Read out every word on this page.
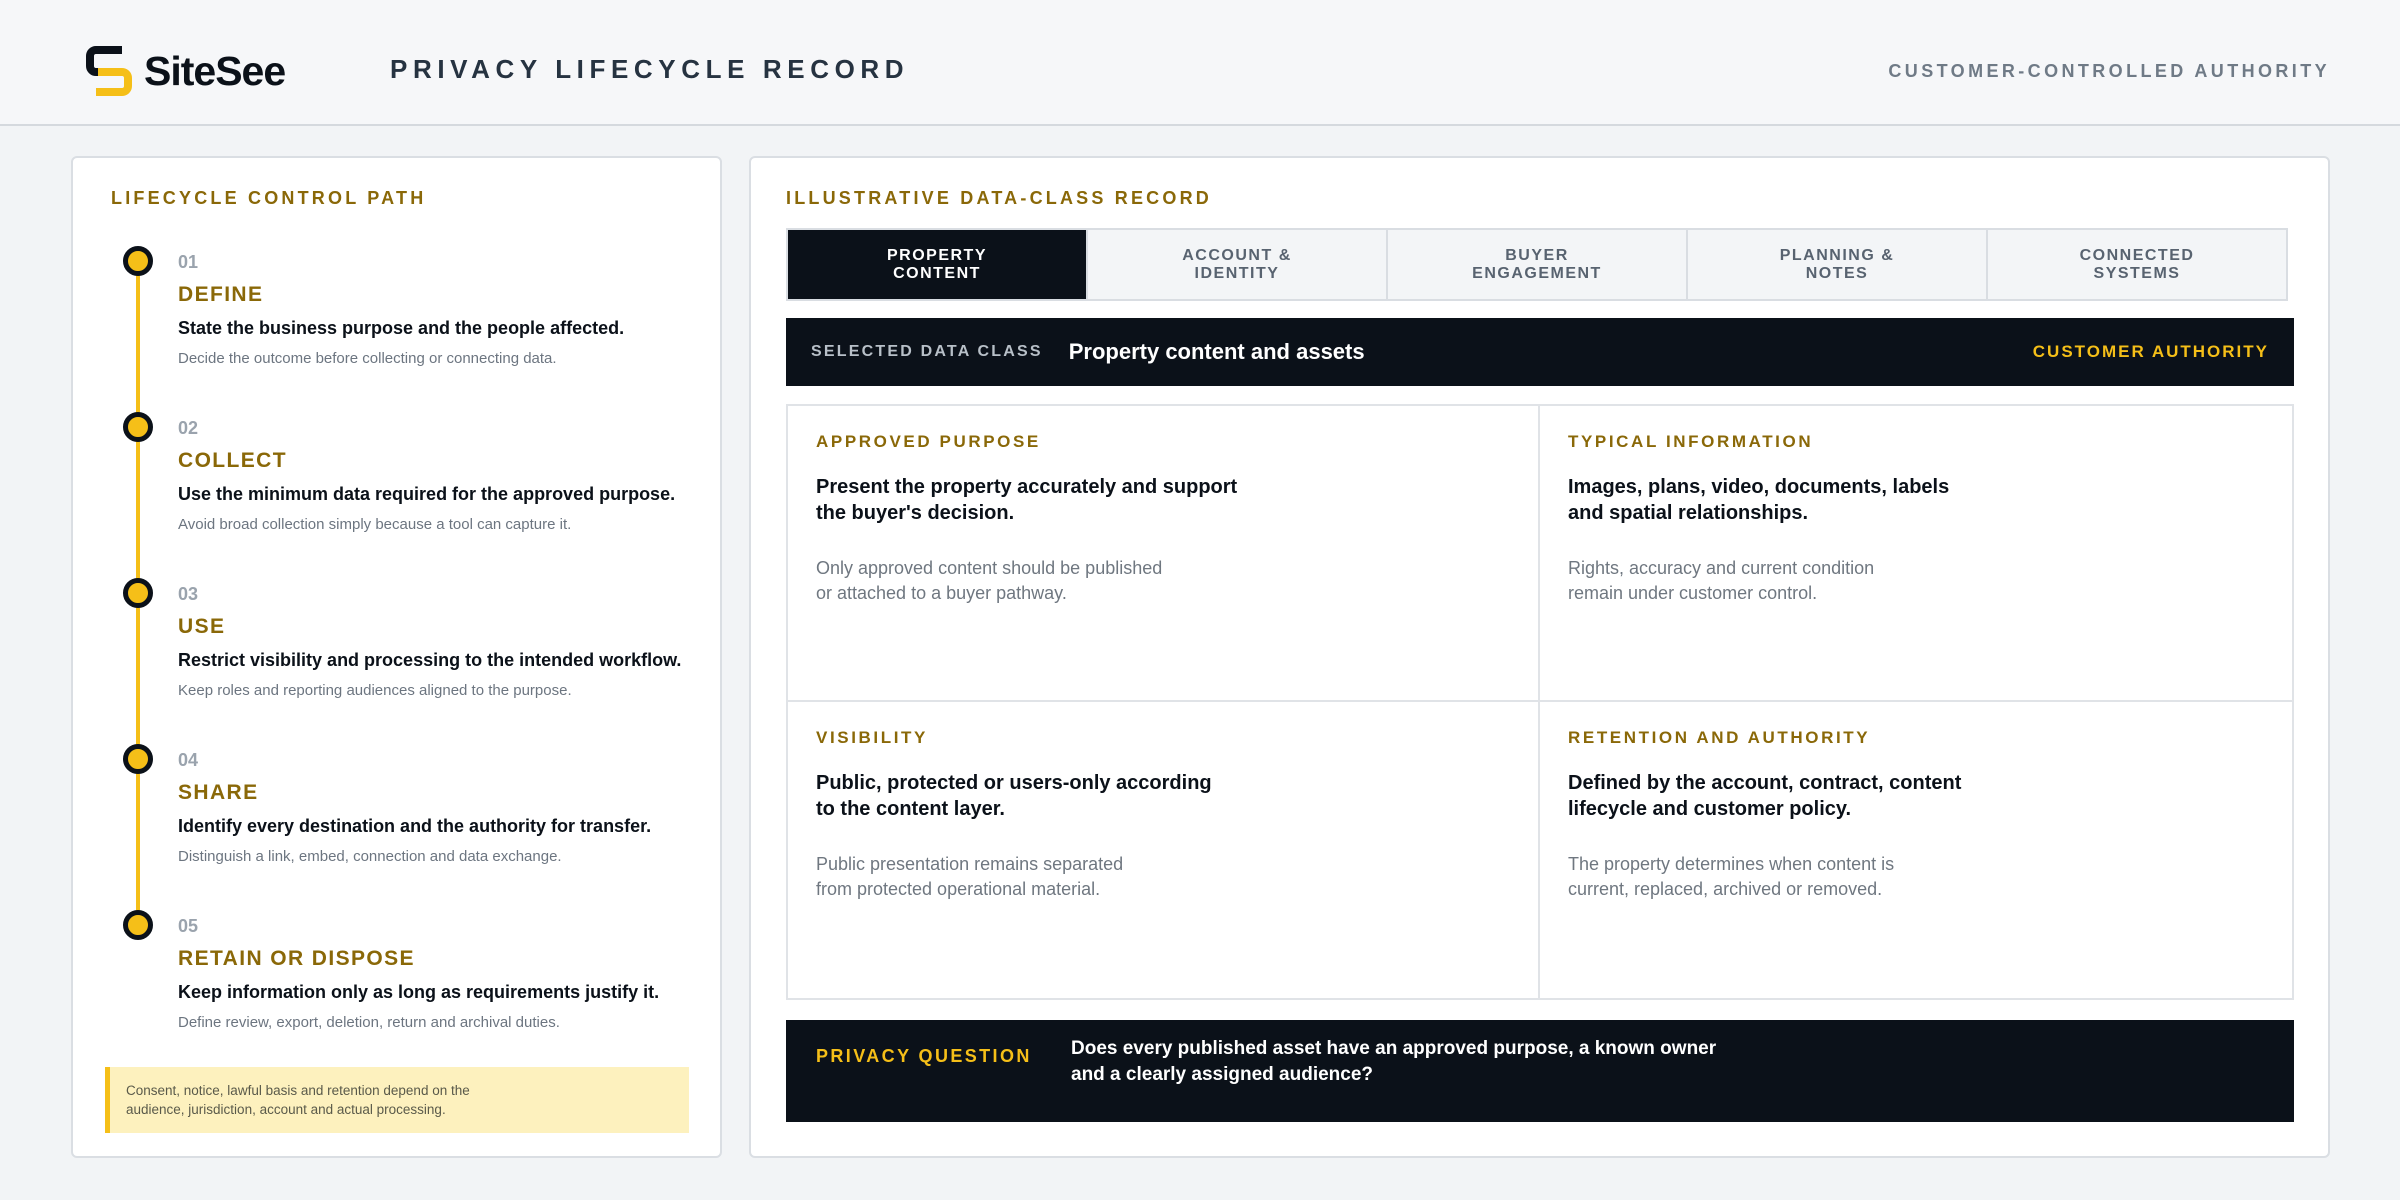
SiteSee	PRIVACY LIFECYCLE RECORD	CUSTOMER-CONTROLLED AUTHORITY
LIFECYCLE CONTROL PATH
01
DEFINE
State the business purpose and the people affected.
Decide the outcome before collecting or connecting data.
02
COLLECT
Use the minimum data required for the approved purpose.
Avoid broad collection simply because a tool can capture it.
03
USE
Restrict visibility and processing to the intended workflow.
Keep roles and reporting audiences aligned to the purpose.
04
SHARE
Identify every destination and the authority for transfer.
Distinguish a link, embed, connection and data exchange.
05
RETAIN OR DISPOSE
Keep information only as long as requirements justify it.
Define review, export, deletion, return and archival duties.
Consent, notice, lawful basis and retention depend on the
audience, jurisdiction, account and actual processing.
ILLUSTRATIVE DATA-CLASS RECORD
PROPERTY
CONTENT
ACCOUNT &
IDENTITY
BUYER
ENGAGEMENT
PLANNING &
NOTES
CONNECTED
SYSTEMS
SELECTED DATA CLASS Property content and assets	CUSTOMER AUTHORITY
APPROVED PURPOSE
Present the property accurately and support
the buyer's decision.
Only approved content should be published
or attached to a buyer pathway.
TYPICAL INFORMATION
Images, plans, video, documents, labels
and spatial relationships.
Rights, accuracy and current condition
remain under customer control.
VISIBILITY
Public, protected or users-only according
to the content layer.
Public presentation remains separated
from protected operational material.
RETENTION AND AUTHORITY
Defined by the account, contract, content
lifecycle and customer policy.
The property determines when content is
current, replaced, archived or removed.
PRIVACY QUESTION Does every published asset have an approved purpose, a known owner
and a clearly assigned audience?
